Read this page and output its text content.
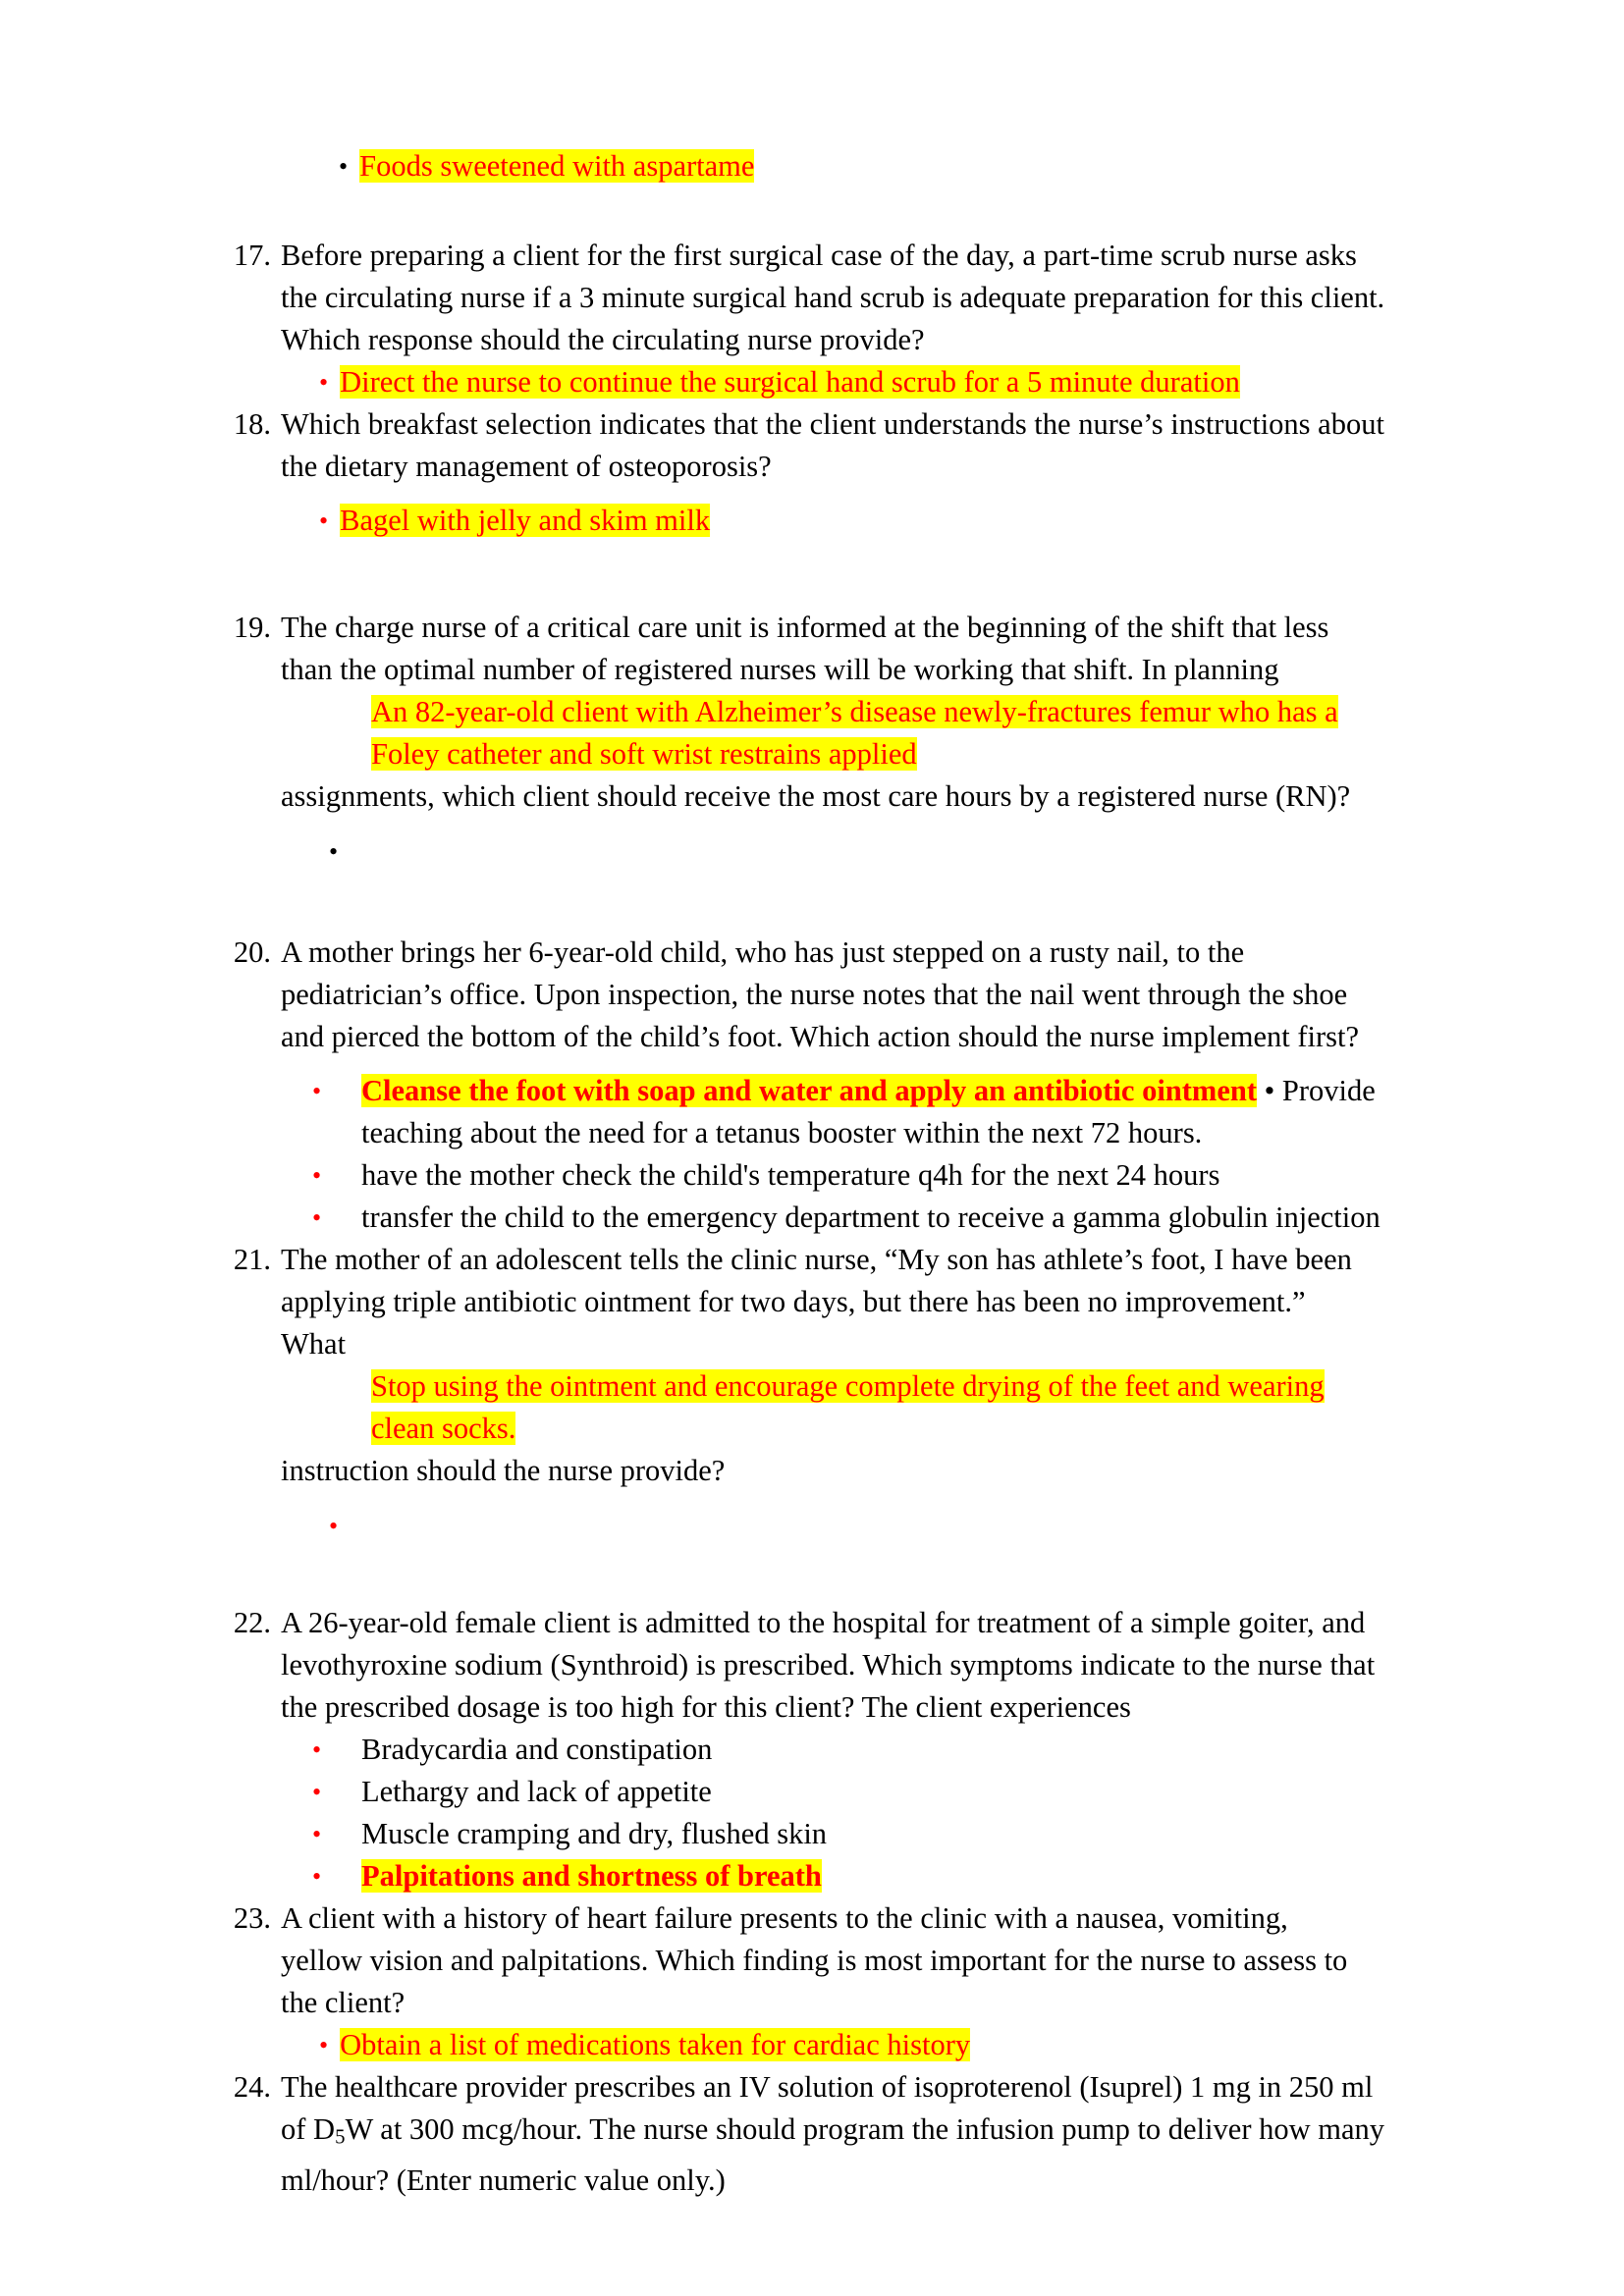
• Foods sweetened with aspartame
17. Before preparing a client for the first surgical case of the day, a part-time scrub nurse asks
the circulating nurse if a 3 minute surgical hand scrub is adequate preparation for this client.
Which response should the circulating nurse provide?
• Direct the nurse to continue the surgical hand scrub for a 5 minute duration
18. Which breakfast selection indicates that the client understands the nurse’s instructions about
the dietary management of osteoporosis?
• Bagel with jelly and skim milk
19. The charge nurse of a critical care unit is informed at the beginning of the shift that less
than the optimal number of registered nurses will be working that shift. In planning
An 82-year-old client with Alzheimer’s disease newly-fractures femur who has a
Foley catheter and soft wrist restrains applied
assignments, which client should receive the most care hours by a registered nurse (RN)?
•
20. A mother brings her 6-year-old child, who has just stepped on a rusty nail, to the
pediatrician’s office. Upon inspection, the nurse notes that the nail went through the shoe
and pierced the bottom of the child’s foot. Which action should the nurse implement first?
•	Cleanse the foot with soap and water and apply an antibiotic ointment • Provide
teaching about the need for a tetanus booster within the next 72 hours.
•	have the mother check the child's temperature q4h for the next 24 hours
•	transfer the child to the emergency department to receive a gamma globulin injection
21. The mother of an adolescent tells the clinic nurse, “My son has athlete’s foot, I have been
applying triple antibiotic ointment for two days, but there has been no improvement.”
What
Stop using the ointment and encourage complete drying of the feet and wearing
clean socks.
instruction should the nurse provide?
•
22. A 26-year-old female client is admitted to the hospital for treatment of a simple goiter, and
levothyroxine sodium (Synthroid) is prescribed. Which symptoms indicate to the nurse that
the prescribed dosage is too high for this client? The client experiences
•	Bradycardia and constipation
•	Lethargy and lack of appetite
•	Muscle cramping and dry, flushed skin
•	Palpitations and shortness of breath
23. A client with a history of heart failure presents to the clinic with a nausea, vomiting,
yellow vision and palpitations. Which finding is most important for the nurse to assess to
the client?
• Obtain a list of medications taken for cardiac history
24. The healthcare provider prescribes an IV solution of isoproterenol (Isuprel) 1 mg in 250 ml
of $D_5W$ at 300 mcg/hour. The nurse should program the infusion pump to deliver how many
ml/hour? (Enter numeric value only.)
